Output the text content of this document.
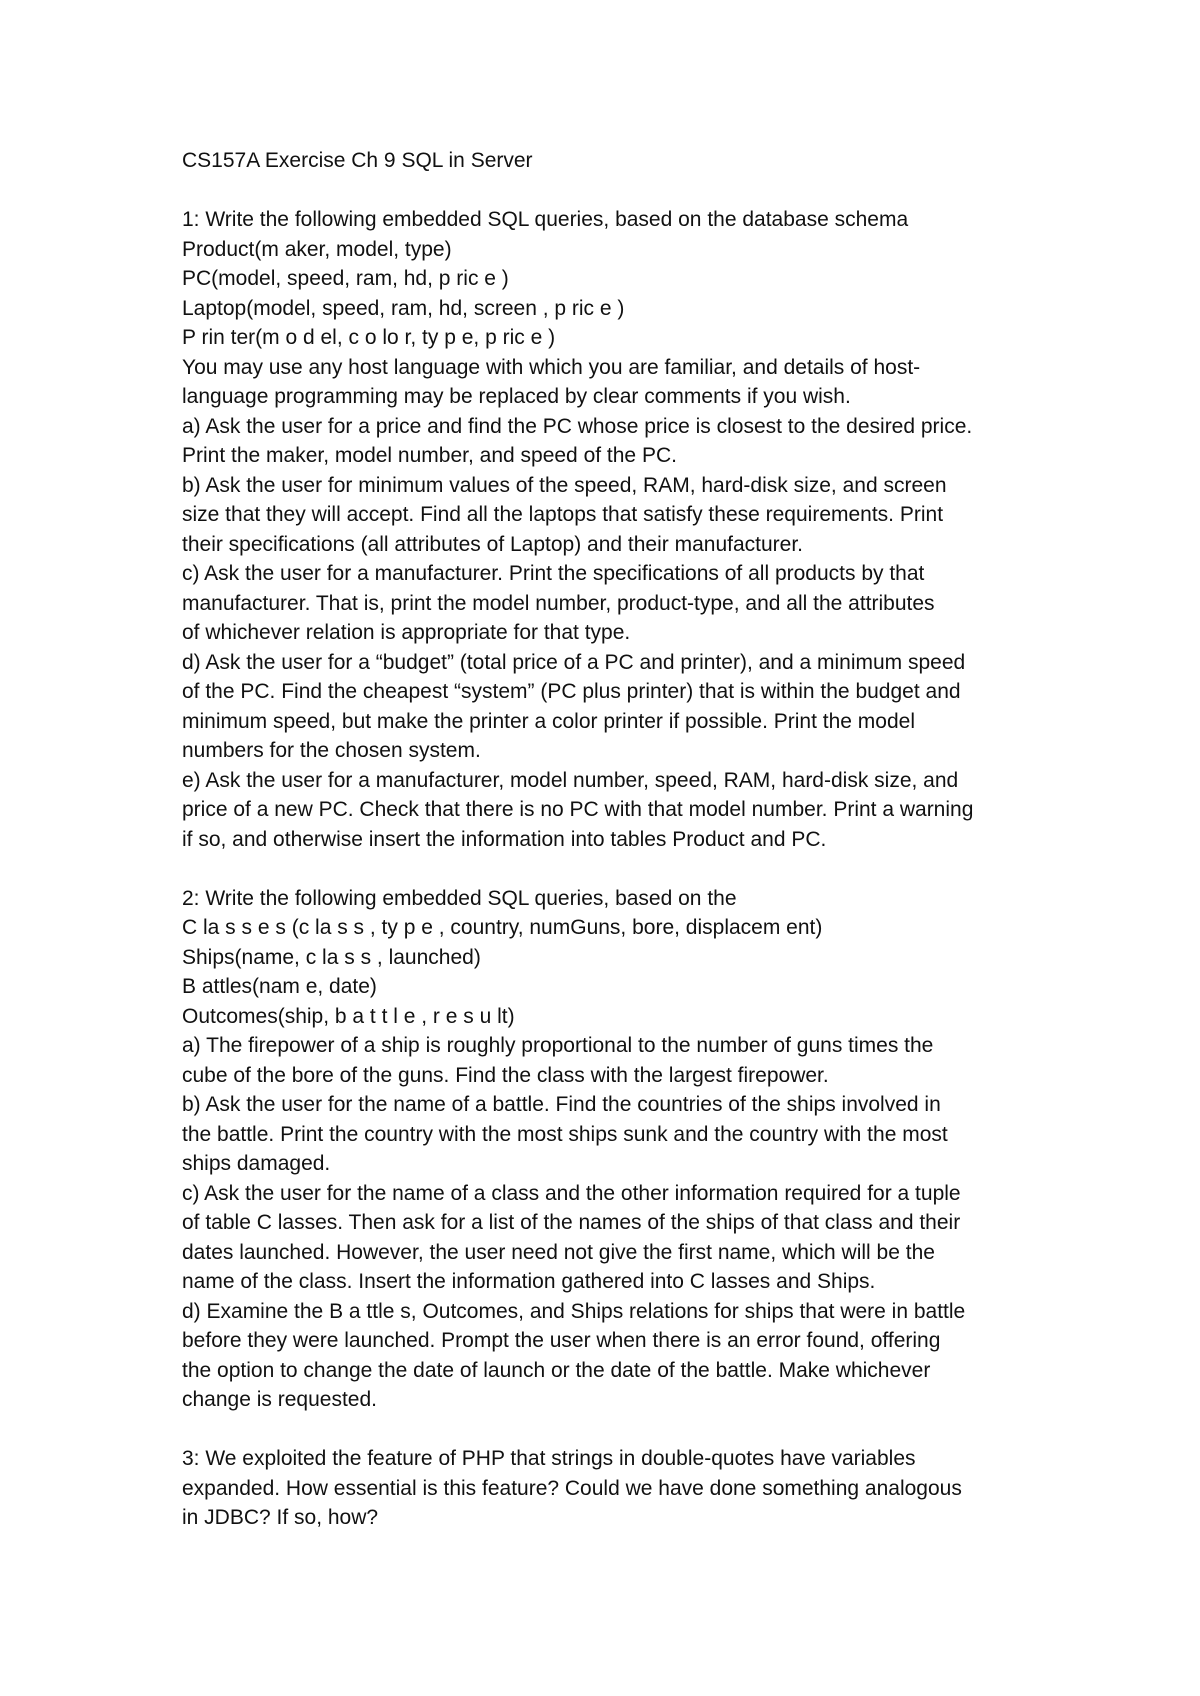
CS157A Exercise Ch 9 SQL in Server
1: Write the following embedded SQL queries, based on the database schema
Product(m aker, model, type)
PC(model, speed, ram, hd, p ric e )
Laptop(model, speed, ram, hd, screen , p ric e )
P rin ter(m o d el, c o lo r, ty p e, p ric e )
You may use any host language with which you are familiar, and details of host-
language programming may be replaced by clear comments if you wish.
a) Ask the user for a price and find the PC whose price is closest to the desired price.
Print the maker, model number, and speed of the PC.
b) Ask the user for minimum values of the speed, RAM, hard-disk size, and screen
size that they will accept. Find all the laptops that satisfy these requirements. Print
their specifications (all attributes of Laptop) and their manufacturer.
c) Ask the user for a manufacturer. Print the specifications of all products by that
manufacturer. That is, print the model number, product-type, and all the attributes
of whichever relation is appropriate for that type.
d) Ask the user for a “budget” (total price of a PC and printer), and a minimum speed
of the PC. Find the cheapest “system” (PC plus printer) that is within the budget and
minimum speed, but make the printer a color printer if possible. Print the model
numbers for the chosen system.
e) Ask the user for a manufacturer, model number, speed, RAM, hard-disk size, and
price of a new PC. Check that there is no PC with that model number. Print a warning
if so, and otherwise insert the information into tables Product and PC.
2: Write the following embedded SQL queries, based on the
C la s s e s (c la s s , ty p e , country, numGuns, bore, displacem ent)
Ships(name, c la s s , launched)
B attles(nam e, date)
Outcomes(ship, b a t t l e , r e s u lt)
a) The firepower of a ship is roughly proportional to the number of guns times the
cube of the bore of the guns. Find the class with the largest firepower.
b) Ask the user for the name of a battle. Find the countries of the ships involved in
the battle. Print the country with the most ships sunk and the country with the most
ships damaged.
c) Ask the user for the name of a class and the other information required for a tuple
of table C lasses. Then ask for a list of the names of the ships of that class and their
dates launched. However, the user need not give the first name, which will be the
name of the class. Insert the information gathered into C lasses and Ships.
d) Examine the B a ttle s, Outcomes, and Ships relations for ships that were in battle
before they were launched. Prompt the user when there is an error found, offering
the option to change the date of launch or the date of the battle. Make whichever
change is requested.
3: We exploited the feature of PHP that strings in double-quotes have variables
expanded. How essential is this feature? Could we have done something analogous
in JDBC? If so, how?
